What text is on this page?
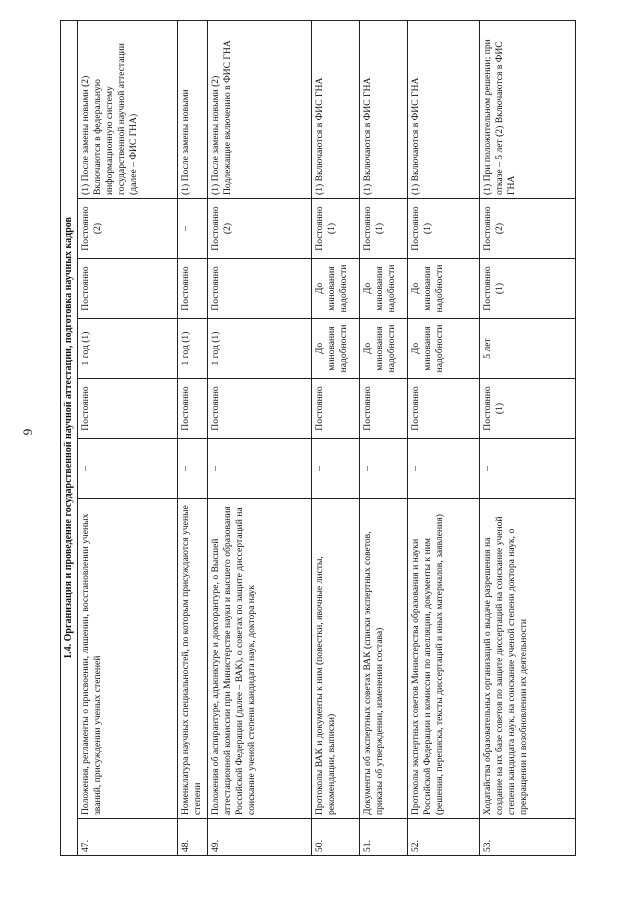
9	1.4. Организация и проведение государственной научной аттестации, подготовка научных кадров							
47.	Положения, регламенты о присвоении, лишении, восстановлении ученых званий, присуждении ученых степеней	–	Постоянно	1 год (1)	Постоянно	Постоянно (2)	(1) После замены новыми (2) Включаются в федеральную информационную систему государственной научной аттестации (далее – ФИС ГНА)
48.	Номенклатура научных специальностей, по которым присуждаются ученые степени	–	Постоянно	1 год (1)	Постоянно	–	(1) После замены новыми
49.	Положения об аспирантуре, адъюнктуре и докторантуре, о Высшей аттестационной комиссии при Министерстве науки и высшего образования Российской Федерации (далее – ВАК), о советах по защите диссертаций на соискание ученой степени кандидата наук, доктора наук	–	Постоянно	1 год (1)	Постоянно	Постоянно (2)	(1) После замены новыми (2) Подлежащие включению в ФИС ГНА
50.	Протоколы ВАК и документы к ним (повестки, явочные листы, рекомендации, выписки)	–	Постоянно	До минования надобности	До минования надобности	Постоянно (1)	(1) Включаются в ФИС ГНА
51.	Документы об экспертных советах ВАК (списки экспертных советов, приказы об утверждении, изменении состава)	–	Постоянно	До минования надобности	До минования надобности	Постоянно (1)	(1) Включаются в ФИС ГНА
52.	Протоколы экспертных советов Министерства образования и науки Российской Федерации и комиссии по апелляции, документы к ним (решения, переписка, тексты диссертаций и иных материалов, заявления)	–	Постоянно	До минования надобности	До минования надобности	Постоянно (1)	(1) Включаются в ФИС ГНА
53.	Ходатайства образовательных организаций о выдаче разрешения на создание на их базе советов по защите диссертаций на соискание ученой степени кандидата наук, на соискание ученой степени доктора наук, о прекращении и возобновлении их деятельности	–	Постоянно (1)	5 лет	Постоянно (1)	Постоянно (2)	(1) При положительном решении; при отказе – 5 лет (2) Включаются в ФИС ГНА
